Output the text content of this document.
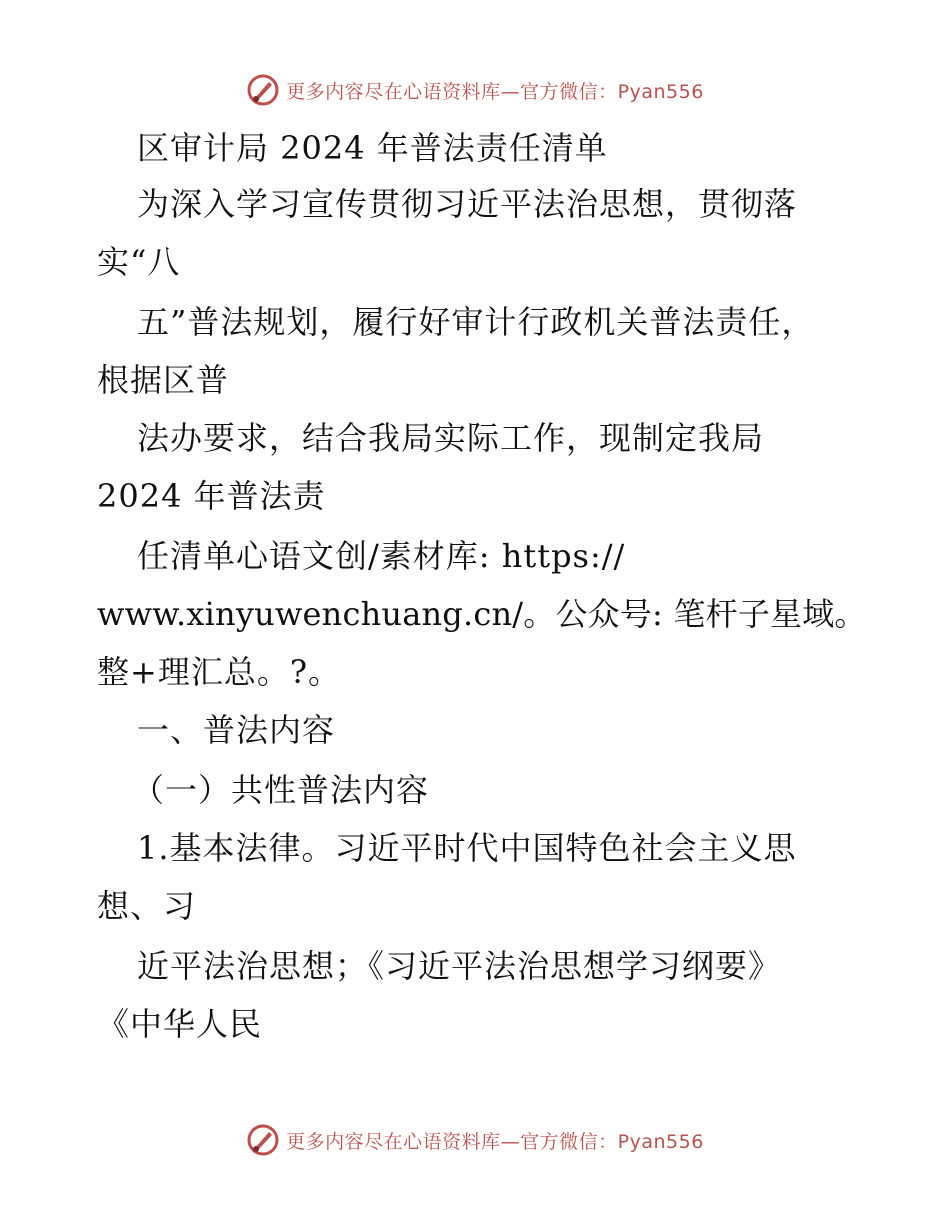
更多内容尽在心语资料库—官方微信：Pyan556
区审计局 2024 年普法责任清单
为深入学习宣传贯彻习近平法治思想，贯彻落
实“八
五”普法规划，履行好审计行政机关普法责任，
根据区普
法办要求，结合我局实际工作，现制定我局
2024 年普法责
任清单心语文创/素材库: https://
www.xinyuwenchuang.cn/。公众号: 笔杆子星域。
整+理汇总。?。
一、普法内容
（一）共性普法内容
1.基本法律。习近平时代中国特色社会主义思
想、习
近平法治思想；《习近平法治思想学习纲要》
《中华人民
更多内容尽在心语资料库—官方微信：Pyan556
